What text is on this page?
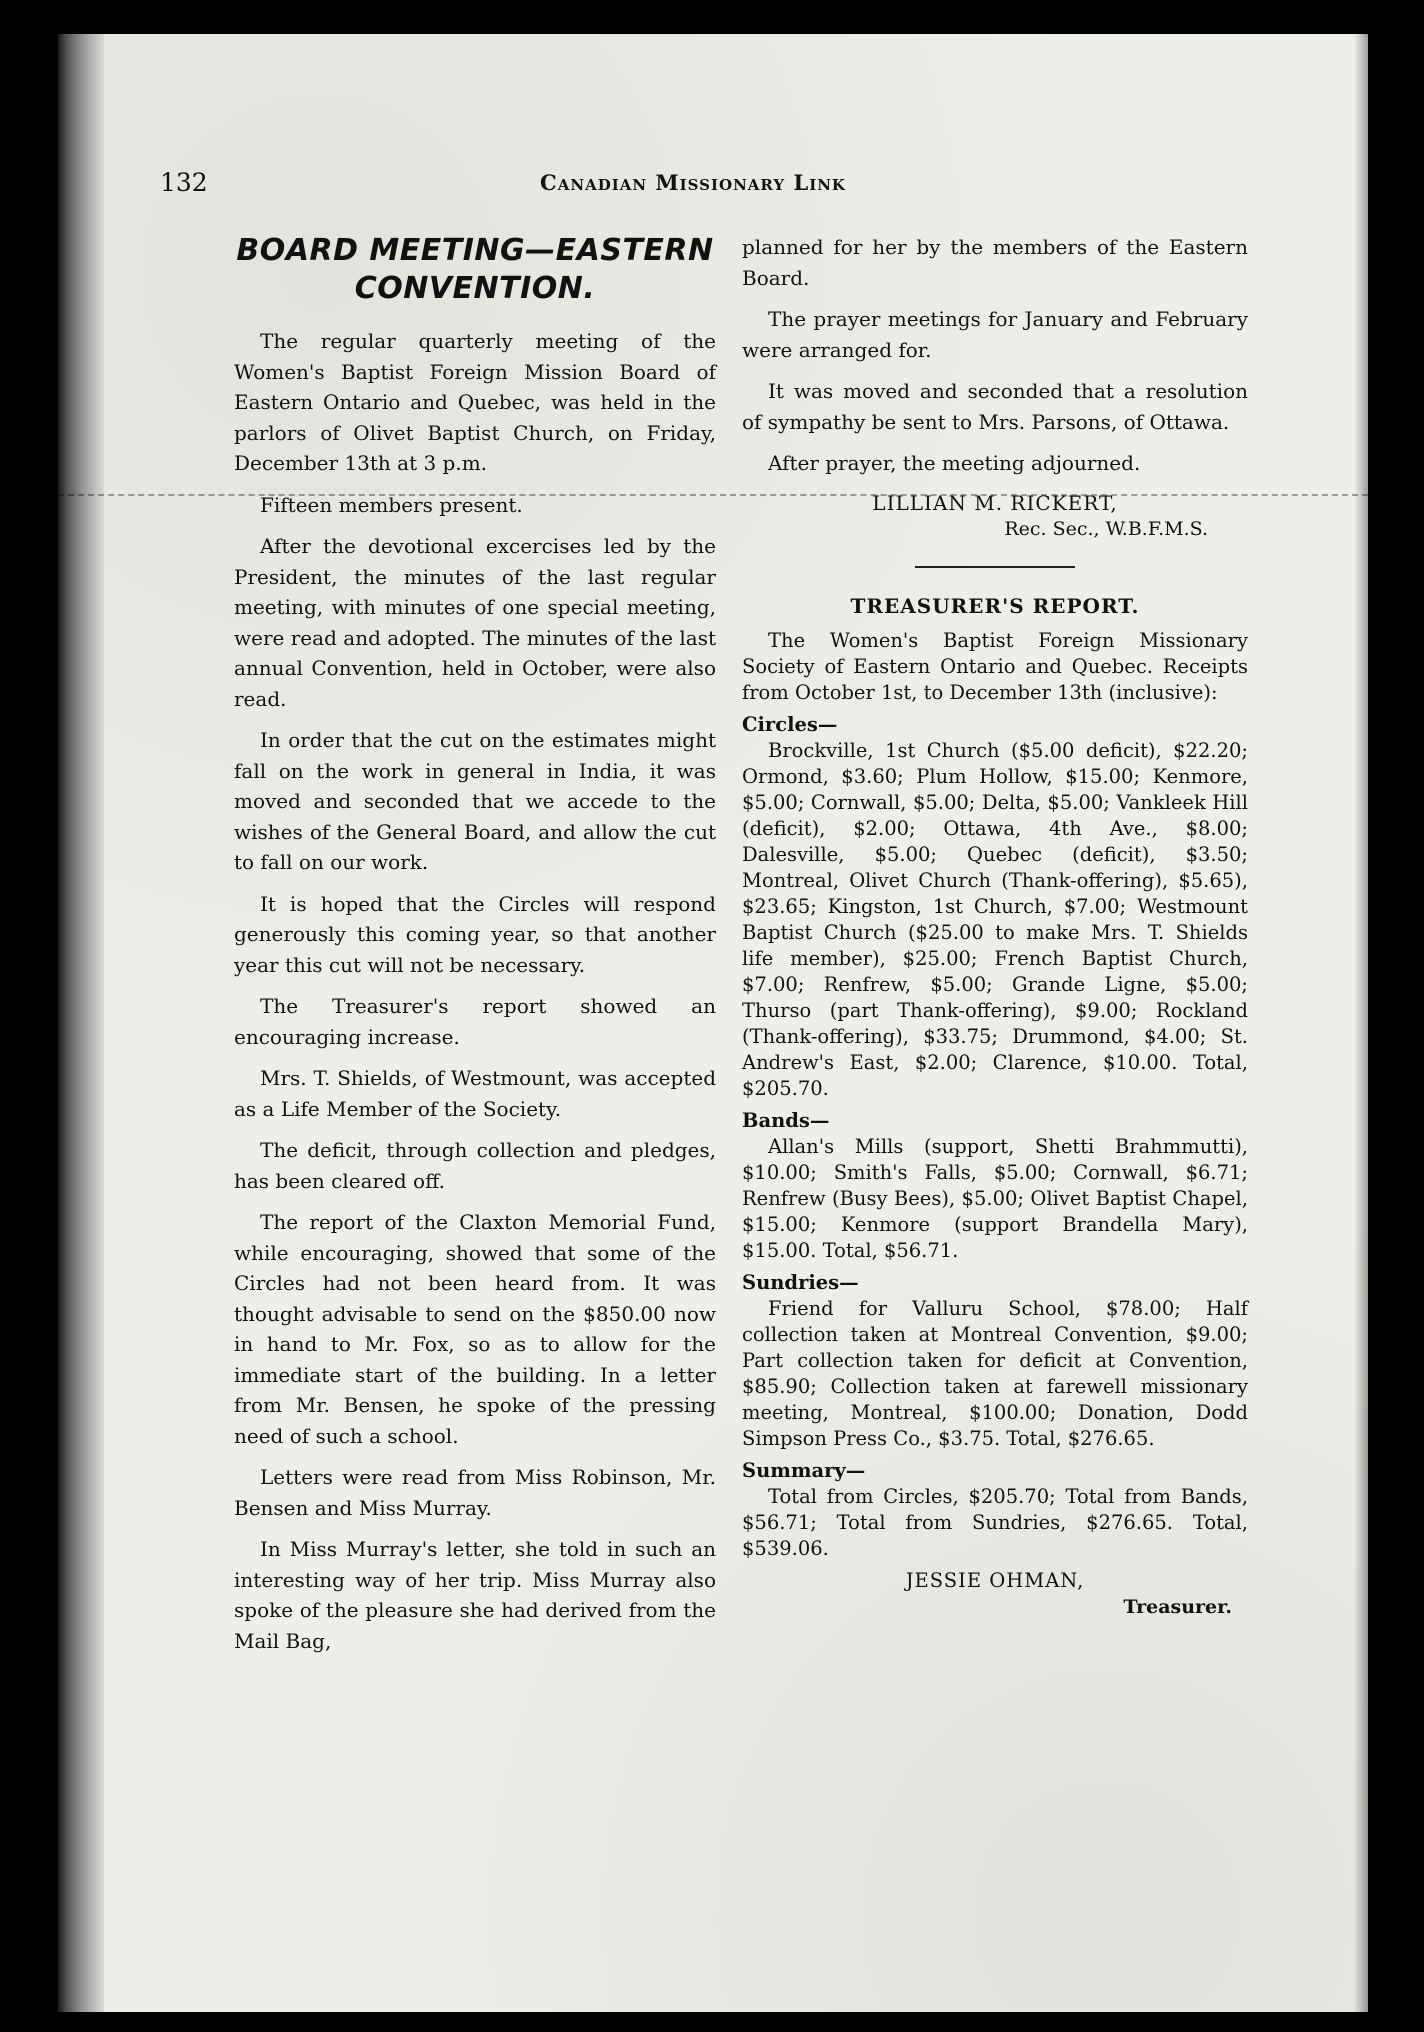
132	Canadian Missionary Link
BOARD MEETING—EASTERN
CONVENTION.

The regular quarterly meeting of the Women's Baptist Foreign Mission Board of Eastern Ontario and Quebec, was held in the parlors of Olivet Baptist Church, on Friday, December 13th at 3 p.m.

Fifteen members present.

After the devotional excercises led by the President, the minutes of the last regular meeting, with minutes of one special meeting, were read and adopted. The minutes of the last annual Convention, held in October, were also read.

In order that the cut on the estimates might fall on the work in general in India, it was moved and seconded that we accede to the wishes of the General Board, and allow the cut to fall on our work.

It is hoped that the Circles will respond generously this coming year, so that another year this cut will not be necessary.

The Treasurer's report showed an encouraging increase.

Mrs. T. Shields, of Westmount, was accepted as a Life Member of the Society.

The deficit, through collection and pledges, has been cleared off.

The report of the Claxton Memorial Fund, while encouraging, showed that some of the Circles had not been heard from. It was thought advisable to send on the $850.00 now in hand to Mr. Fox, so as to allow for the immediate start of the building. In a letter from Mr. Bensen, he spoke of the pressing need of such a school.

Letters were read from Miss Robinson, Mr. Bensen and Miss Murray.

In Miss Murray's letter, she told in such an interesting way of her trip. Miss Murray also spoke of the pleasure she had derived from the Mail Bag,

planned for her by the members of the Eastern Board.

The prayer meetings for January and February were arranged for.

It was moved and seconded that a resolution of sympathy be sent to Mrs. Parsons, of Ottawa.

After prayer, the meeting adjourned.

LILLIAN M. RICKERT,
Rec. Sec., W.B.F.M.S.
TREASURER'S REPORT.

The Women's Baptist Foreign Missionary Society of Eastern Ontario and Quebec. Receipts from October 1st, to December 13th (inclusive):

Circles—

Brockville, 1st Church ($5.00 deficit), $22.20; Ormond, $3.60; Plum Hollow, $15.00; Kenmore, $5.00; Cornwall, $5.00; Delta, $5.00; Vankleek Hill (deficit), $2.00; Ottawa, 4th Ave., $8.00; Dalesville, $5.00; Quebec (deficit), $3.50; Montreal, Olivet Church (Thank-offering), $5.65), $23.65; Kingston, 1st Church, $7.00; Westmount Baptist Church ($25.00 to make Mrs. T. Shields life member), $25.00; French Baptist Church, $7.00; Renfrew, $5.00; Grande Ligne, $5.00; Thurso (part Thank-offering), $9.00; Rockland (Thank-offering), $33.75; Drummond, $4.00; St. Andrew's East, $2.00; Clarence, $10.00. Total, $205.70.

Bands—

Allan's Mills (support, Shetti Brahmmutti), $10.00; Smith's Falls, $5.00; Cornwall, $6.71; Renfrew (Busy Bees), $5.00; Olivet Baptist Chapel, $15.00; Kenmore (support Brandella Mary), $15.00. Total, $56.71.

Sundries—

Friend for Valluru School, $78.00; Half collection taken at Montreal Convention, $9.00; Part collection taken for deficit at Convention, $85.90; Collection taken at farewell missionary meeting, Montreal, $100.00; Donation, Dodd Simpson Press Co., $3.75. Total, $276.65.

Summary—

Total from Circles, $205.70; Total from Bands, $56.71; Total from Sundries, $276.65. Total, $539.06.

JESSIE OHMAN,
Treasurer.
